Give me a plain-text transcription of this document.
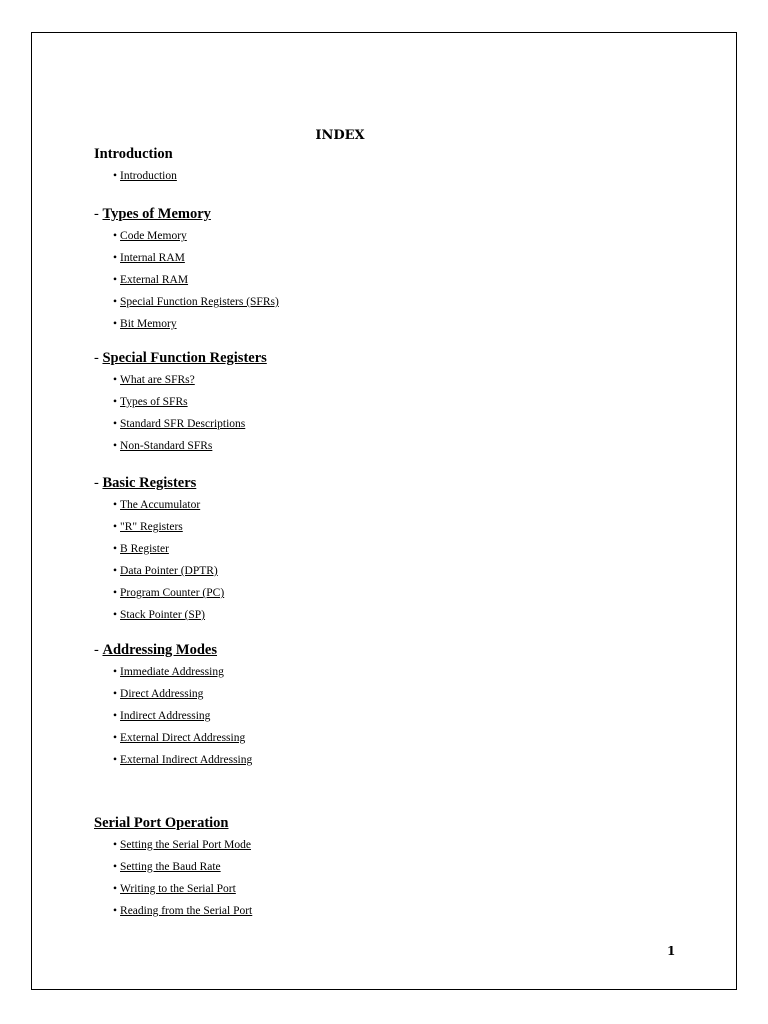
INDEX
Introduction
• Introduction
- Types of Memory
• Code Memory
• Internal RAM
• External RAM
• Special Function Registers (SFRs)
• Bit Memory
- Special Function Registers
• What are SFRs?
• Types of SFRs
• Standard SFR Descriptions
• Non-Standard SFRs
- Basic Registers
• The Accumulator
• "R" Registers
• B Register
• Data Pointer (DPTR)
• Program Counter (PC)
• Stack Pointer (SP)
- Addressing Modes
• Immediate Addressing
• Direct Addressing
• Indirect Addressing
• External Direct Addressing
• External Indirect Addressing
Serial Port Operation
• Setting the Serial Port Mode
• Setting the Baud Rate
• Writing to the Serial Port
• Reading from the Serial Port
1
